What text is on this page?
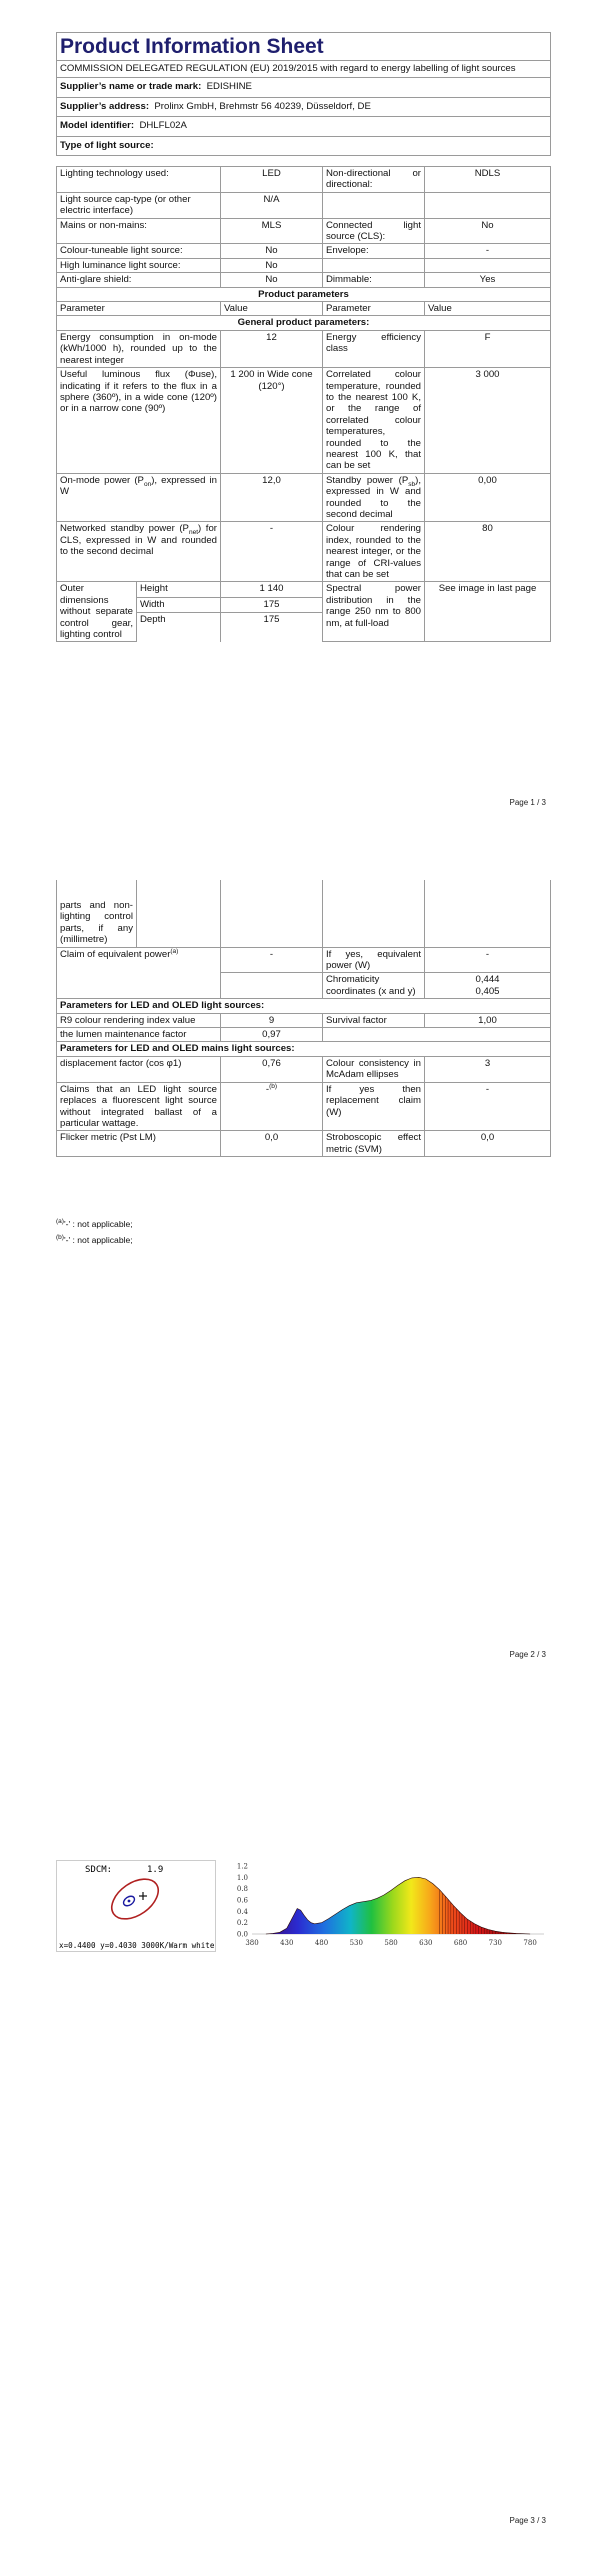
Product Information Sheet
COMMISSION DELEGATED REGULATION (EU) 2019/2015 with regard to energy labelling of light sources
Supplier’s name or trade mark: EDISHINE
Supplier’s address: Prolinx GmbH, Brehmstr 56 40239, Düsseldorf, DE
Model identifier: DHLFL02A
Type of light source:
Lighting technology used:		LED	Non-directional or directional:	NDLS
Light source cap-type (or other electric interface)		N/A		
Mains or non-mains:		MLS	Connected light source (CLS):	No
Colour-tuneable light source:		No	Envelope:	-
High luminance light source:		No		
Anti-glare shield:		No	Dimmable:	Yes
Product parameters				
Parameter		Value	Parameter	Value
General product parameters:				
Energy consumption in on-mode (kWh/1000 h), rounded up to the nearest integer		12	Energy efficiency class	F
Useful luminous flux (Φuse), indicating if it refers to the flux in a sphere (360º), in a wide cone (120º) or in a narrow cone (90º)		1 200 in Wide cone (120°)	Correlated colour temperature, rounded to the nearest 100 K, or the range of correlated colour temperatures, rounded to the nearest 100 K, that can be set	3 000
On-mode power $(P_{on})$, expressed in W		12,0	Standby power $(P_{sb})$, expressed in W and rounded to the second decimal	0,00
Networked standby power $(P_{net})$ for CLS, expressed in W and rounded to the second decimal		-	Colour rendering index, rounded to the nearest integer, or the range of CRI-values that can be set	80
Outer dimensions without separate control gear, lighting control	Height	1 140	Spectral power distribution in the range 250 nm to 800 nm, at full-load	See image in last page
	Width	175		
	Depth	175		
Page 1 / 3
parts and non-lighting control parts, if any (millimetre)				
Claim of equivalent power$^{(a)}$		-	If yes, equivalent power (W)	-
			Chromaticity coordinates (x and y)	0,444
0,405

Parameters for LED and OLED light sources:				
R9 colour rendering index value		9	Survival factor	1,00
the lumen maintenance factor		0,97		
Parameters for LED and OLED mains light sources:				
displacement factor (cos φ1)		0,76	Colour consistency in McAdam ellipses	3
Claims that an LED light source replaces a fluorescent light source without integrated ballast of a particular wattage.		-$^{(b)}$	If yes then replacement claim (W)	-
Flicker metric (Pst LM)		0,0	Stroboscopic effect metric (SVM)	0,0
$^{(a)}$'-' : not applicable;
$^{(b)}$'-' : not applicable;
Page 2 / 3
SDCM:	1.9
x=0.4400 y=0.4030 3000K/Warm white
0.0
0.2
0.4
0.6
0.8
1.0
1.2
380	430	480	530	580	630	680	730	780
Page 3 / 3
